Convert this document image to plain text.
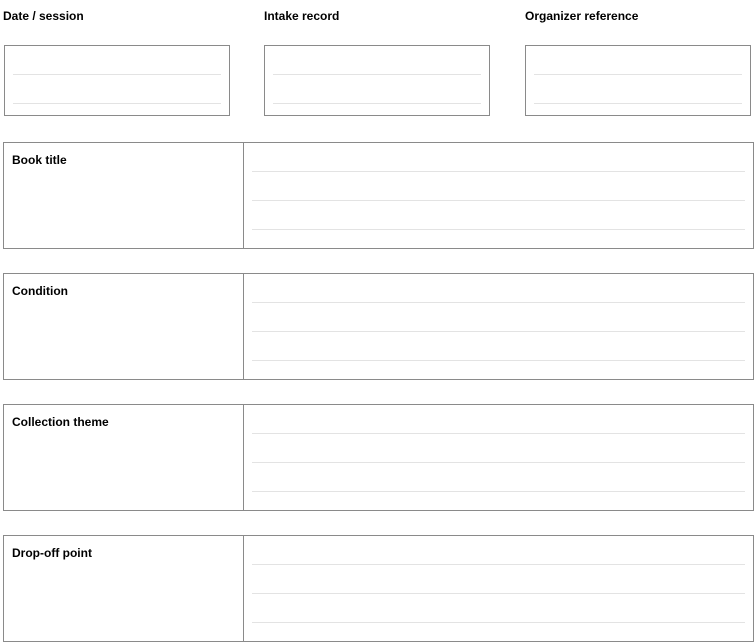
Date / session	Intake record	Organizer reference
Book title
Condition
Collection theme
Drop-off point
